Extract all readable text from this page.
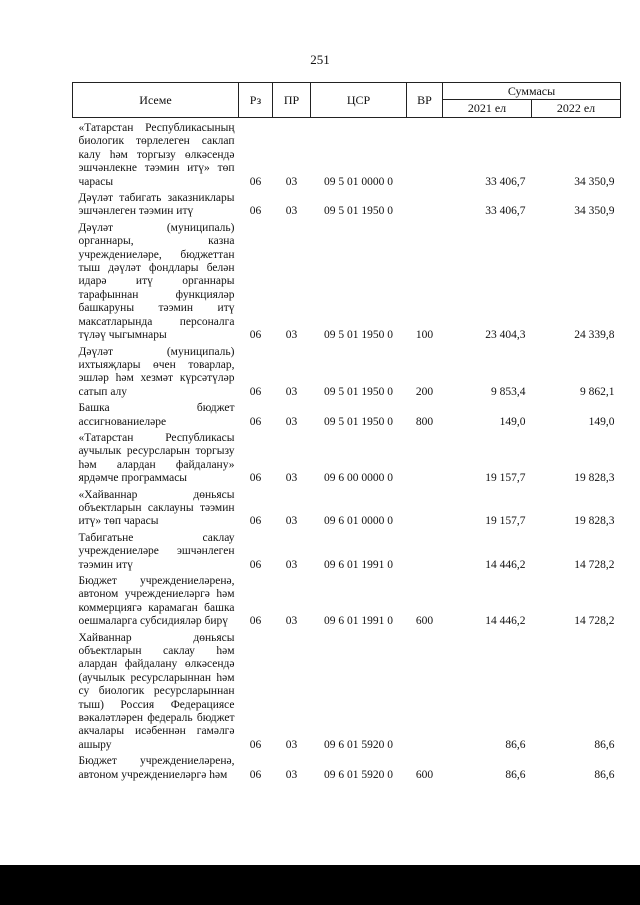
251
Исеме	Рз	ПР	ЦСР	ВР	Суммасы	
					2021 ел	2022 ел
«Татарстан Республикасының биологик төрлелеген саклап калу һәм торгызу өлкәсендә эшчәнлекне тәэмин итү» төп чарасы	06	03	09 5 01 0000 0		33 406,7	34 350,9
Дәүләт табигать заказниклары эшчәнлеген тәэмин итү	06	03	09 5 01 1950 0		33 406,7	34 350,9
Дәүләт (муниципаль) органнары, казна учреждениеләре, бюджеттан тыш дәүләт фондлары белән идарә итү органнары тарафыннан функцияләр башкаруны тәэмин итү максатларында персоналга түләү чыгымнары	06	03	09 5 01 1950 0	100	23 404,3	24 339,8
Дәүләт (муниципаль) ихтыяҗлары өчен товарлар, эшләр һәм хезмәт күрсәтүләр сатып алу	06	03	09 5 01 1950 0	200	9 853,4	9 862,1
Башка бюджет ассигнованиеләре	06	03	09 5 01 1950 0	800	149,0	149,0
«Татарстан Республикасы аучылык ресурсларын торгызу һәм алардан файдалану» ярдәмче программасы	06	03	09 6 00 0000 0		19 157,7	19 828,3
«Хайваннар дөньясы объектларын саклауны тәэмин итү» төп чарасы	06	03	09 6 01 0000 0		19 157,7	19 828,3
Табигатьне саклау учреждениеләре эшчәнлеген тәэмин итү	06	03	09 6 01 1991 0		14 446,2	14 728,2
Бюджет учреждениеләренә, автоном учреждениеләргә һәм коммерциягә карамаган башка оешмаларга субсидияләр бирү	06	03	09 6 01 1991 0	600	14 446,2	14 728,2
Хайваннар дөньясы объектларын саклау һәм алардан файдалану өлкәсендә (аучылык ресурсларыннан һәм су биологик ресурсларыннан тыш) Россия Федерациясе вәкаләтләрен федераль бюджет акчалары исәбеннән гамәлгә ашыру	06	03	09 6 01 5920 0		86,6	86,6
Бюджет учреждениеләренә, автоном учреждениеләргә һәм	06	03	09 6 01 5920 0	600	86,6	86,6
